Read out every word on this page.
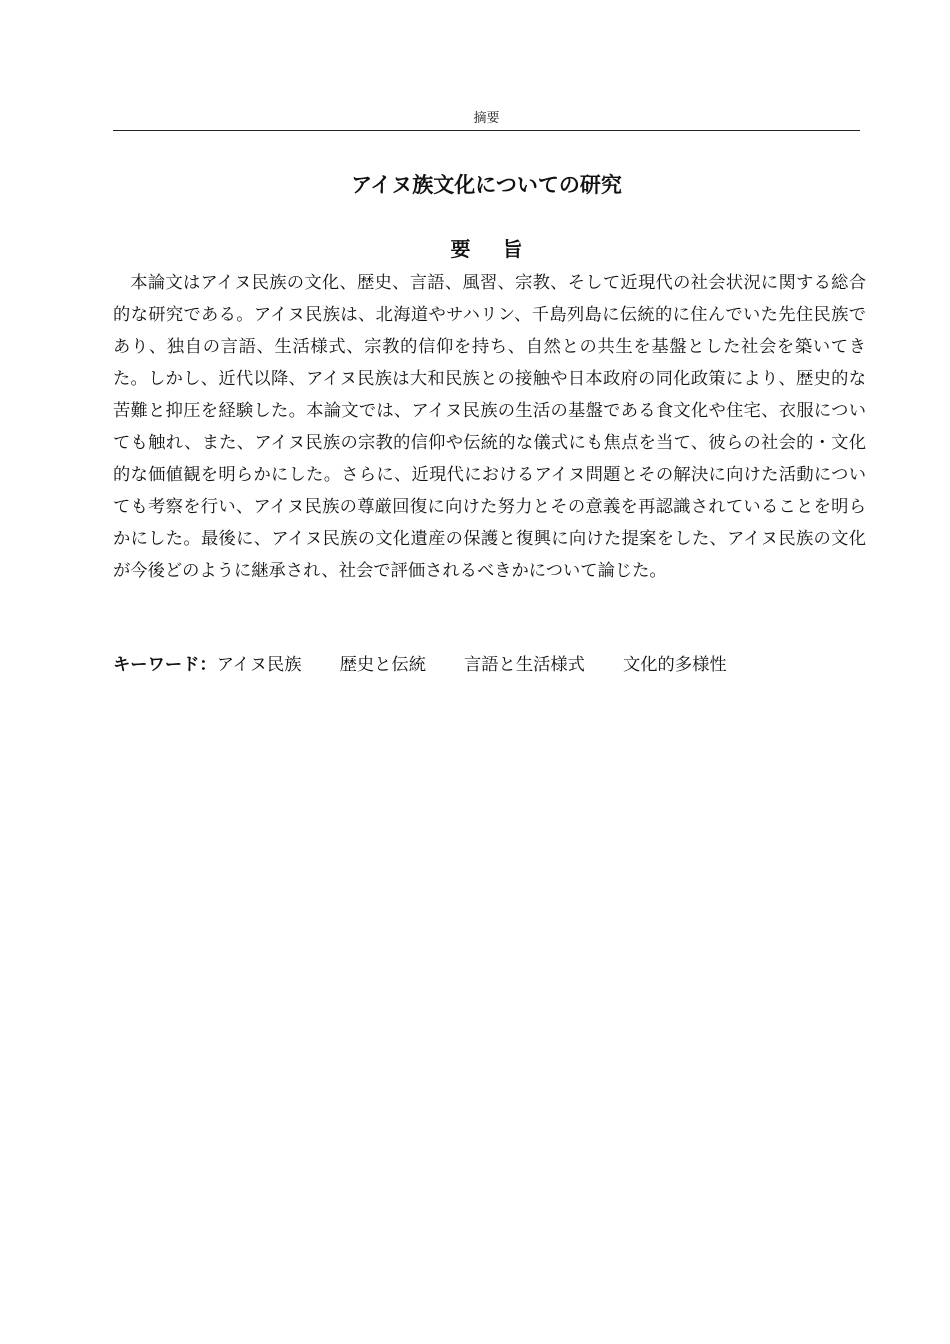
摘要
アイヌ族文化についての研究
要旨

本論文はアイヌ民族の文化、歴史、言語、風習、宗教、そして近現代の社会状況に関する総合的な研究である。アイヌ民族は、北海道やサハリン、千島列島に伝統的に住んでいた先住民族であり、独自の言語、生活様式、宗教的信仰を持ち、自然との共生を基盤とした社会を築いてきた。しかし、近代以降、アイヌ民族は大和民族との接触や日本政府の同化政策により、歴史的な苦難と抑圧を経験した。本論文では、アイヌ民族の生活の基盤である食文化や住宅、衣服についても触れ、また、アイヌ民族の宗教的信仰や伝統的な儀式にも焦点を当て、彼らの社会的・文化的な価値観を明らかにした。さらに、近現代におけるアイヌ問題とその解決に向けた活動についても考察を行い、アイヌ民族の尊厳回復に向けた努力とその意義を再認識されていることを明らかにした。最後に、アイヌ民族の文化遺産の保護と復興に向けた提案をした、アイヌ民族の文化が今後どのように継承され、社会で評価されるべきかについて論じた。

キーワード：アイヌ民族 歴史と伝統 言語と生活様式 文化的多様性
